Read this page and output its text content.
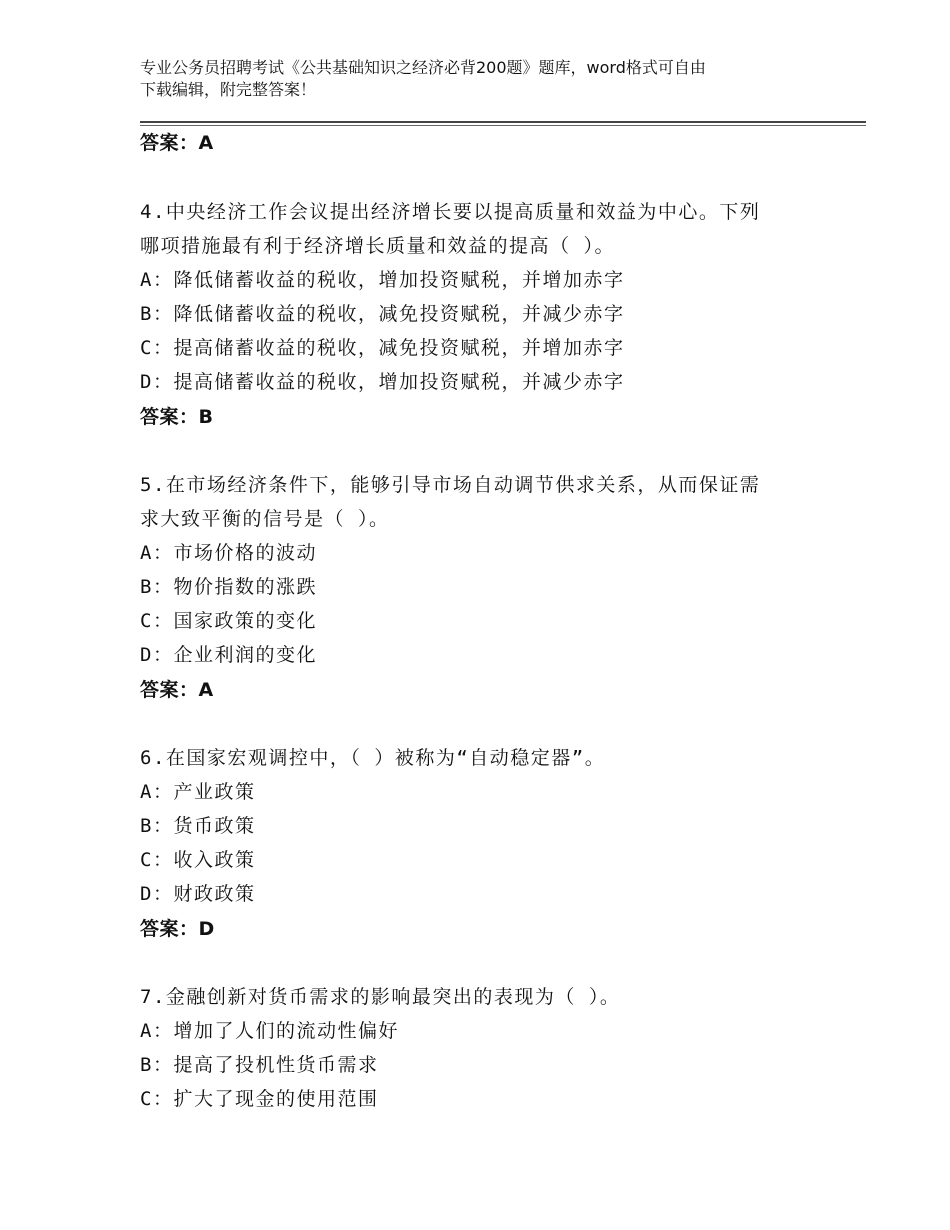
专业公务员招聘考试《公共基础知识之经济必背200题》题库，word格式可自由
下载编辑，附完整答案！
答案：A
4.中央经济工作会议提出经济增长要以提高质量和效益为中心。下列
哪项措施最有利于经济增长质量和效益的提高（ ）。
A：降低储蓄收益的税收，增加投资赋税，并增加赤字
B：降低储蓄收益的税收，减免投资赋税，并减少赤字
C：提高储蓄收益的税收，减免投资赋税，并增加赤字
D：提高储蓄收益的税收，增加投资赋税，并减少赤字
答案：B
5.在市场经济条件下，能够引导市场自动调节供求关系，从而保证需
求大致平衡的信号是（ ）。
A：市场价格的波动
B：物价指数的涨跌
C：国家政策的变化
D：企业利润的变化
答案：A
6.在国家宏观调控中，（ ）被称为“自动稳定器”。
A：产业政策
B：货币政策
C：收入政策
D：财政政策
答案：D
7.金融创新对货币需求的影响最突出的表现为（ ）。
A：增加了人们的流动性偏好
B：提高了投机性货币需求
C：扩大了现金的使用范围
